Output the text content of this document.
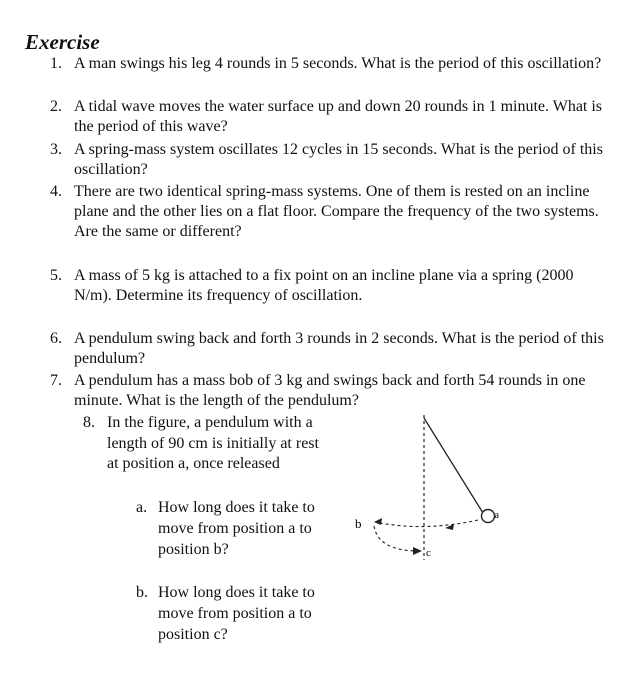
Exercise
1. A man swings his leg 4 rounds in 5 seconds. What is the period of this oscillation?
2. A tidal wave moves the water surface up and down 20 rounds in 1 minute. What is the period of this wave?
3. A spring-mass system oscillates 12 cycles in 15 seconds. What is the period of this oscillation?
4. There are two identical spring-mass systems. One of them is rested on an incline plane and the other lies on a flat floor. Compare the frequency of the two systems. Are the same or different?
5. A mass of 5 kg is attached to a fix point on an incline plane via a spring (2000 N/m). Determine its frequency of oscillation.
6. A pendulum swing back and forth 3 rounds in 2 seconds. What is the period of this pendulum?
7. A pendulum has a mass bob of 3 kg and swings back and forth 54 rounds in one minute. What is the length of the pendulum?
8. In the figure, a pendulum with a length of 90 cm is initially at rest at position a, once released
a. How long does it take to move from position a to position b?
b. How long does it take to move from position a to position c?
b
a
c
